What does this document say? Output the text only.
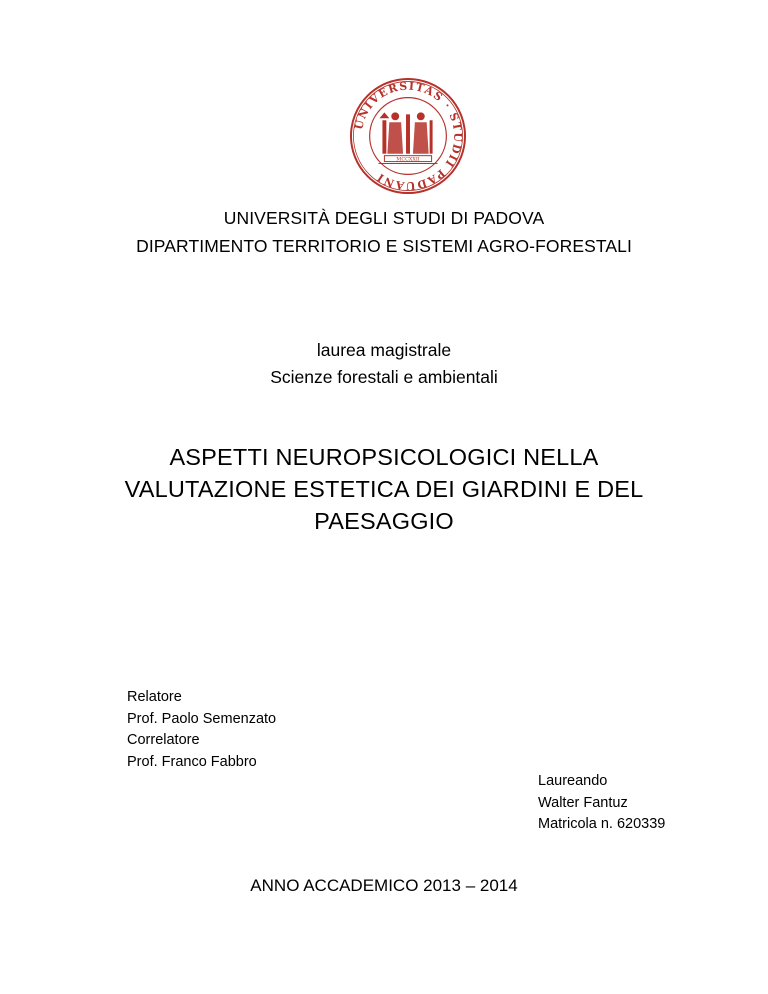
UNIVERSITAS · STUDII PADUANI
MCCXXII
UNIVERSITÀ DEGLI STUDI DI PADOVA
DIPARTIMENTO TERRITORIO E SISTEMI AGRO-FORESTALI
laurea magistrale
Scienze forestali e ambientali
ASPETTI NEUROPSICOLOGICI NELLA
VALUTAZIONE ESTETICA DEI GIARDINI E DEL
PAESAGGIO
Relatore
Prof. Paolo Semenzato
Correlatore
Prof. Franco Fabbro
Laureando
Walter Fantuz
Matricola n. 620339
ANNO ACCADEMICO 2013 – 2014
